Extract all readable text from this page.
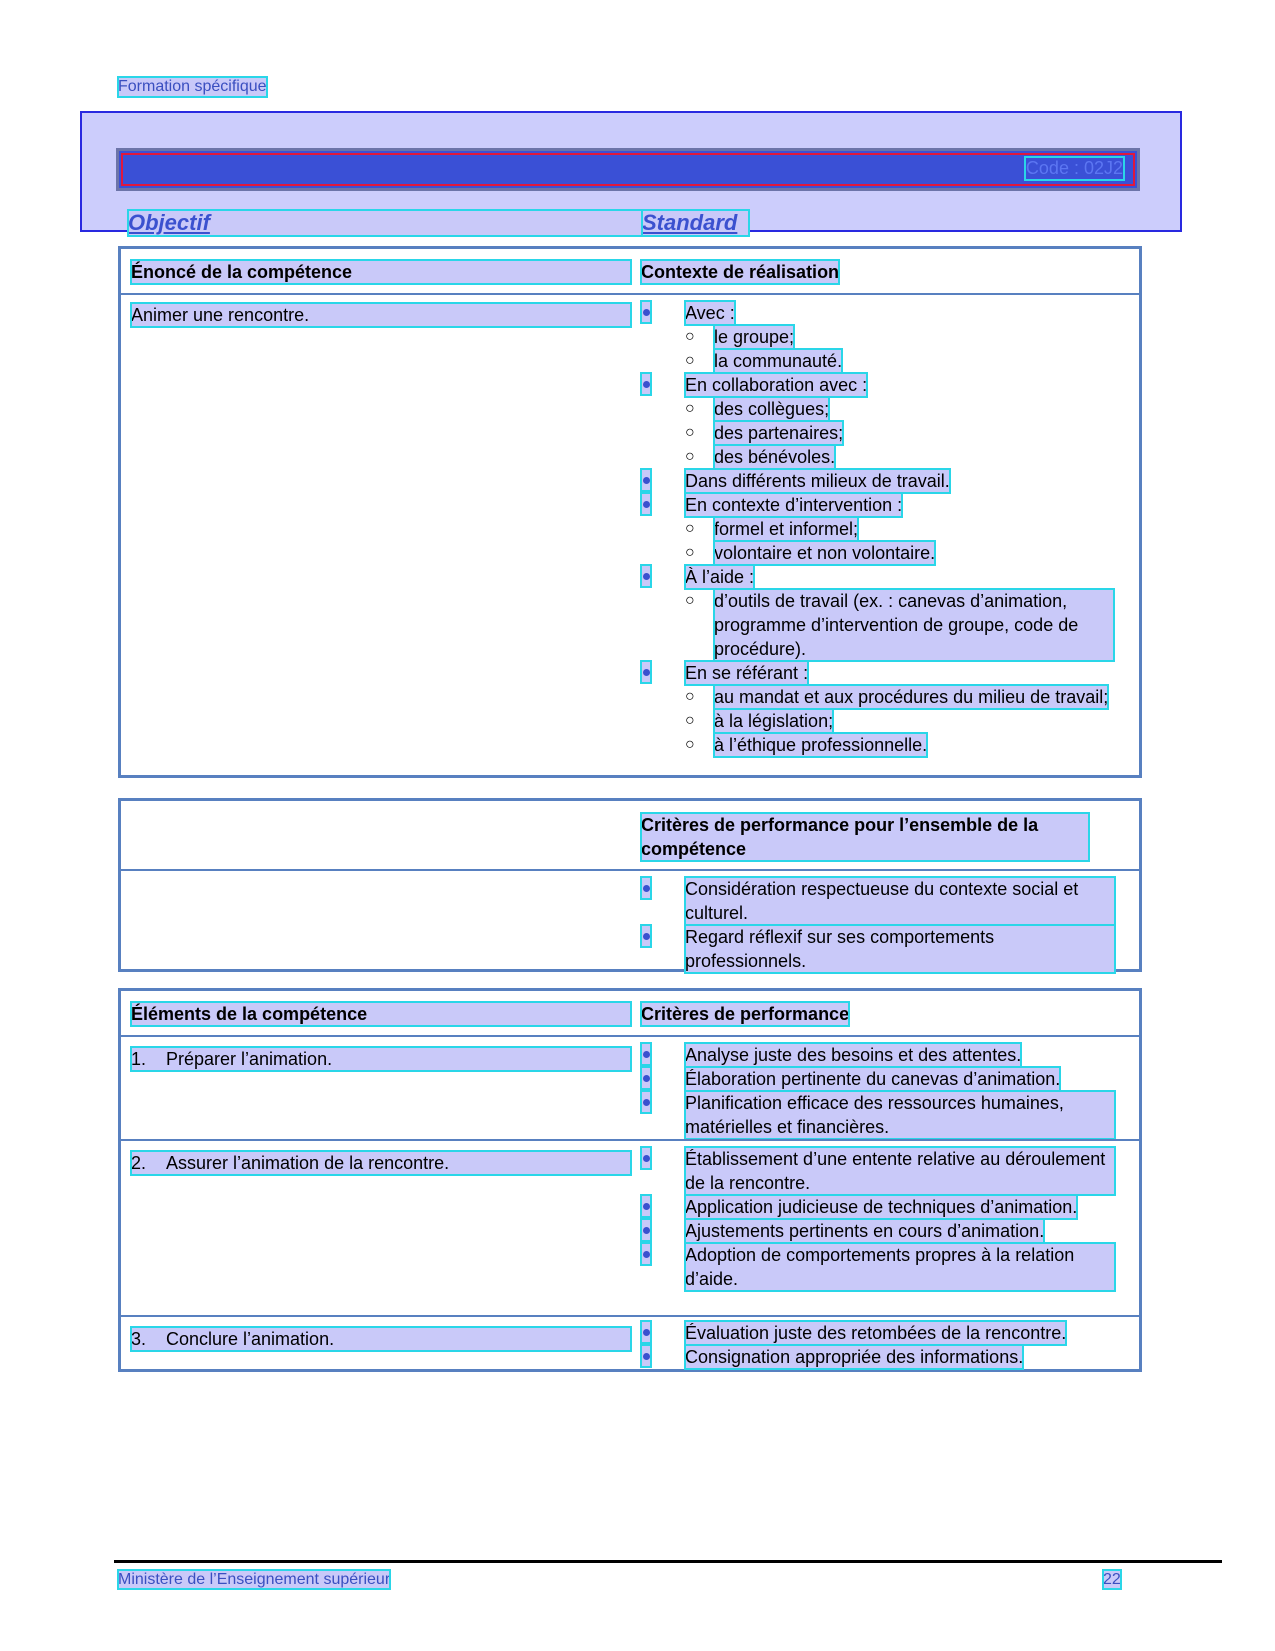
Formation spécifique
Code : 02J2
Objectif	Standard
Énoncé de la compétence	Contexte de réalisation
Animer une rencontre.	Avec :
○ le groupe;
○ la communauté.
En collaboration avec :
○ des collègues;
○ des partenaires;
○ des bénévoles.
Dans différents milieux de travail.
En contexte d’intervention :
○ formel et informel;
○ volontaire et non volontaire.
À l’aide :
○ d’outils de travail (ex. : canevas d’animation, programme d’intervention de groupe, code de procédure).
En se référant :
○ au mandat et aux procédures du milieu de travail;
○ à la législation;
○ à l’éthique professionnelle.
Critères de performance pour l’ensemble de la compétence
Considération respectueuse du contexte social et culturel.
Regard réflexif sur ses comportements professionnels.
Éléments de la compétence	Critères de performance
1. Préparer l’animation.	Analyse juste des besoins et des attentes.
Élaboration pertinente du canevas d’animation.
Planification efficace des ressources humaines, matérielles et financières.
2. Assurer l’animation de la rencontre.	Établissement d’une entente relative au déroulement de la rencontre.
Application judicieuse de techniques d’animation.
Ajustements pertinents en cours d’animation.
Adoption de comportements propres à la relation d’aide.
3. Conclure l’animation.	Évaluation juste des retombées de la rencontre.
Consignation appropriée des informations.
Ministère de l’Enseignement supérieur	22
